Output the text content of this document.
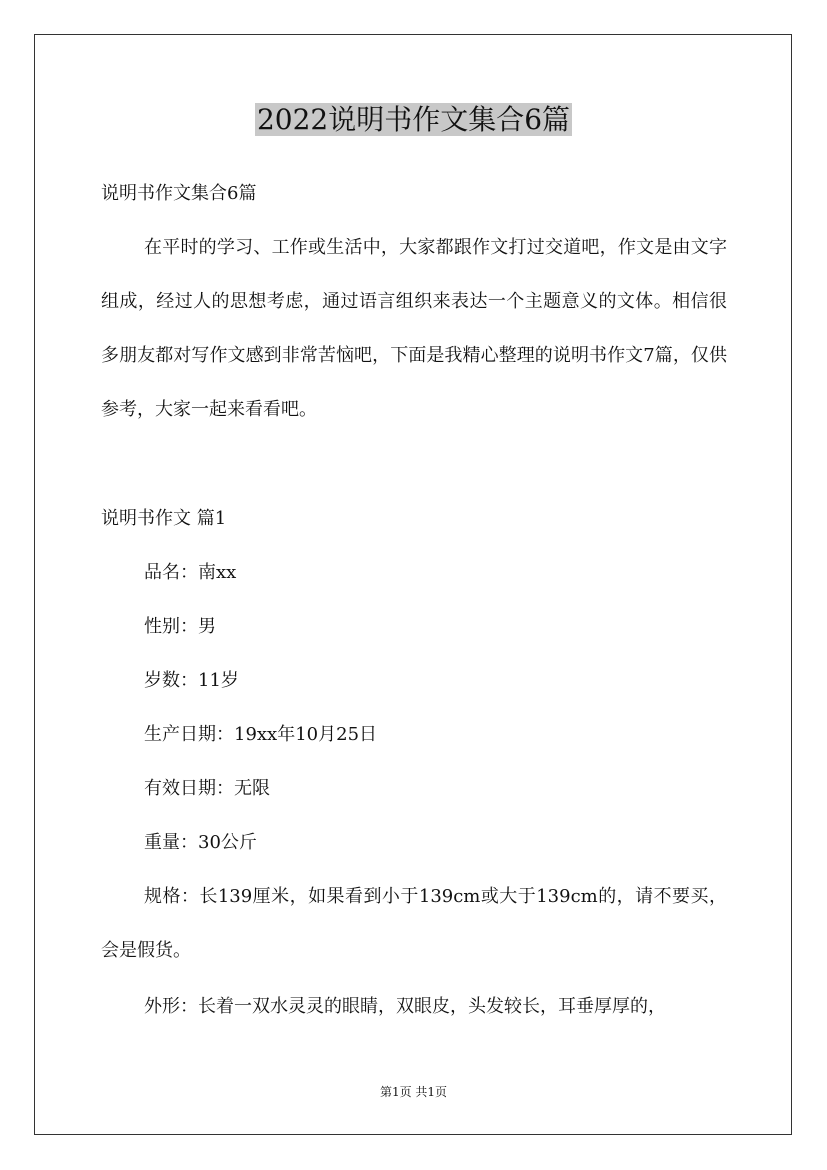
2022说明书作文集合6篇
说明书作文集合6篇
在平时的学习、工作或生活中，大家都跟作文打过交道吧，作文是由文字组成，经过人的思想考虑，通过语言组织来表达一个主题意义的文体。相信很多朋友都对写作文感到非常苦恼吧，下面是我精心整理的说明书作文7篇，仅供参考，大家一起来看看吧。
说明书作文 篇1
品名：南xx
性别：男
岁数：11岁
生产日期：19xx年10月25日
有效日期：无限
重量：30公斤
规格：长139厘米，如果看到小于139cm或大于139cm的，请不要买，会是假货。
外形：长着一双水灵灵的眼睛，双眼皮，头发较长，耳垂厚厚的，
第1页 共1页
